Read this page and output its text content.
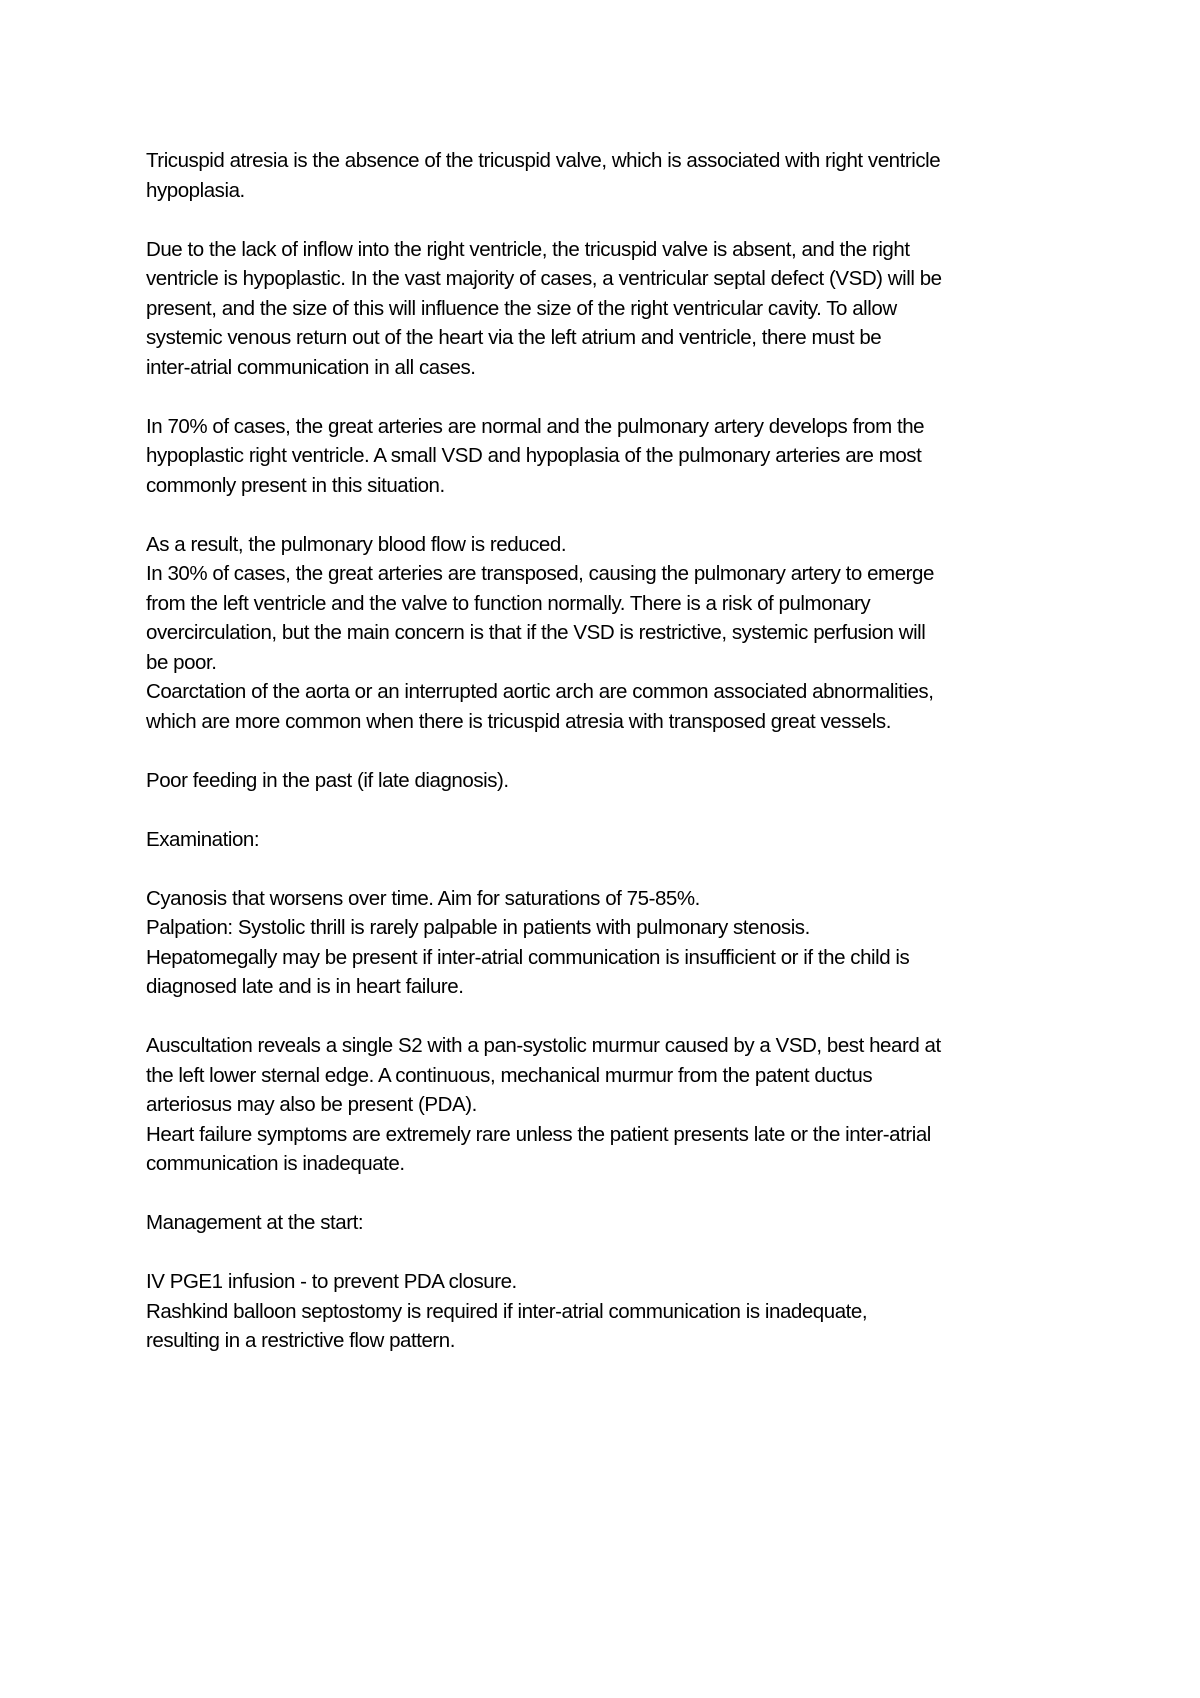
Tricuspid atresia is the absence of the tricuspid valve, which is associated with right ventricle
hypoplasia.
Due to the lack of inflow into the right ventricle, the tricuspid valve is absent, and the right
ventricle is hypoplastic. In the vast majority of cases, a ventricular septal defect (VSD) will be
present, and the size of this will influence the size of the right ventricular cavity. To allow
systemic venous return out of the heart via the left atrium and ventricle, there must be
inter-atrial communication in all cases.
In 70% of cases, the great arteries are normal and the pulmonary artery develops from the
hypoplastic right ventricle. A small VSD and hypoplasia of the pulmonary arteries are most
commonly present in this situation.
As a result, the pulmonary blood flow is reduced.
In 30% of cases, the great arteries are transposed, causing the pulmonary artery to emerge
from the left ventricle and the valve to function normally. There is a risk of pulmonary
overcirculation, but the main concern is that if the VSD is restrictive, systemic perfusion will
be poor.
Coarctation of the aorta or an interrupted aortic arch are common associated abnormalities,
which are more common when there is tricuspid atresia with transposed great vessels.
Poor feeding in the past (if late diagnosis).
Examination:
Cyanosis that worsens over time. Aim for saturations of 75-85%.
Palpation: Systolic thrill is rarely palpable in patients with pulmonary stenosis.
Hepatomegally may be present if inter-atrial communication is insufficient or if the child is
diagnosed late and is in heart failure.
Auscultation reveals a single S2 with a pan-systolic murmur caused by a VSD, best heard at
the left lower sternal edge. A continuous, mechanical murmur from the patent ductus
arteriosus may also be present (PDA).
Heart failure symptoms are extremely rare unless the patient presents late or the inter-atrial
communication is inadequate.
Management at the start:
IV PGE1 infusion - to prevent PDA closure.
Rashkind balloon septostomy is required if inter-atrial communication is inadequate,
resulting in a restrictive flow pattern.
